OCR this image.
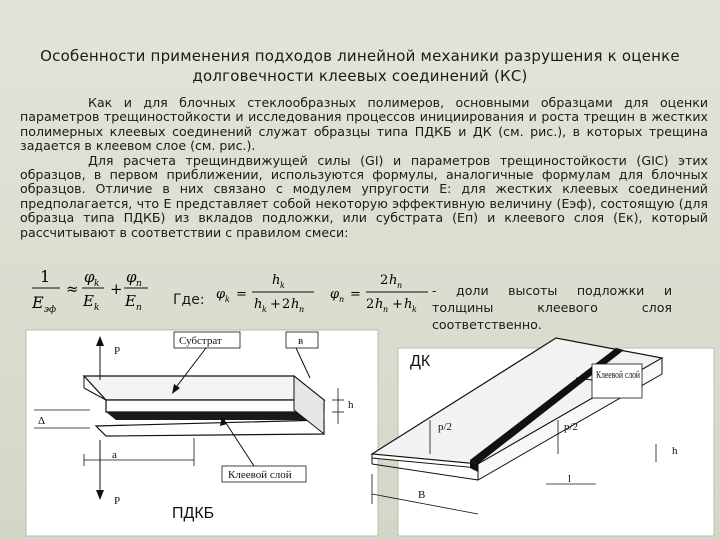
Особенности применения подходов линейной механики разрушения к оценке
долговечности клеевых соединений (КС)

Как и для блочных стеклообразных полимеров, основными образцами для оценки параметров трещиностойкости и исследования процессов инициирования и роста трещин в жестких полимерных клеевых соединений служат образцы типа ПДКБ и ДК (см. рис.), в которых трещина задается в клеевом слое (см. рис.).

Для расчета трещиндвижущей силы (GI) и параметров трещиностойкости (GIC) этих образцов, в первом приближении, используются формулы, аналогичные формулам для блочных образцов. Отличие в них связано с модулем упругости E: для жестких клеевых соединений предполагается, что E представляет собой некоторую эффективную величину (Eэф), состоящую (для образца типа ПДКБ) из вкладов подложки, или субстрата (Eп) и клеевого слоя (Eк), который рассчитывают в соответствии с правилом смеси:

1
E эф
≈
φ k
E k
+
φ n
E n Где: φ k =
h k
h k + 2 h n
φ n =
2 h n
2 h n + h k
- доли высоты подложки и толщины клеевого слоя соответственно.
P
P
Субстрат	в
h
Δ
a
Клеевой слой
ПДКБ
ДК
Клеевой слой
p/2	p/2
h
l
B
